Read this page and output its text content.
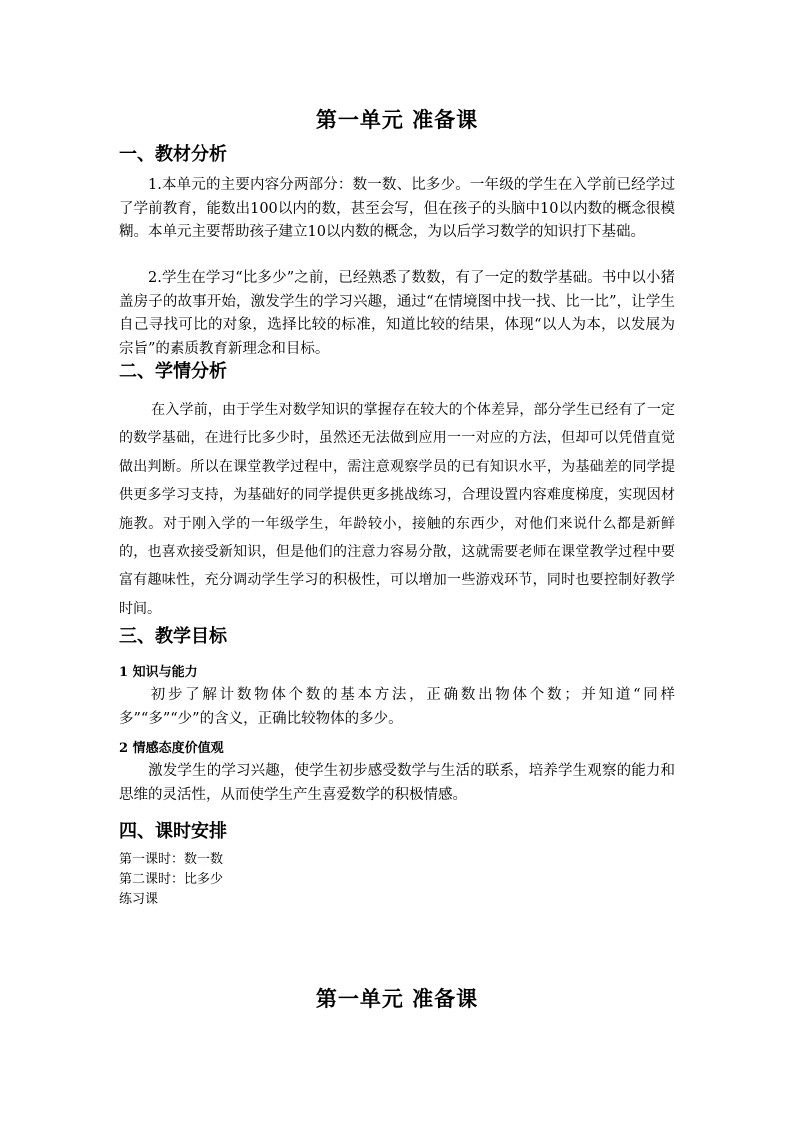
第一单元 准备课
一、教材分析
1.本单元的主要内容分两部分：数一数、比多少。一年级的学生在入学前已经学过了学前教育，能数出100以内的数，甚至会写，但在孩子的头脑中10以内数的概念很模糊。本单元主要帮助孩子建立10以内数的概念，为以后学习数学的知识打下基础。
2.学生在学习“比多少”之前，已经熟悉了数数，有了一定的数学基础。书中以小猪盖房子的故事开始，激发学生的学习兴趣，通过“在情境图中找一找、比一比”，让学生自己寻找可比的对象，选择比较的标准，知道比较的结果，体现“以人为本，以发展为宗旨”的素质教育新理念和目标。
二、学情分析
在入学前，由于学生对数学知识的掌握存在较大的个体差异，部分学生已经有了一定的数学基础，在进行比多少时，虽然还无法做到应用一一对应的方法，但却可以凭借直觉做出判断。所以在课堂教学过程中，需注意观察学员的已有知识水平，为基础差的同学提供更多学习支持，为基础好的同学提供更多挑战练习，合理设置内容难度梯度，实现因材施教。对于刚入学的一年级学生，年龄较小，接触的东西少，对他们来说什么都是新鲜的，也喜欢接受新知识，但是他们的注意力容易分散，这就需要老师在课堂教学过程中要富有趣味性，充分调动学生学习的积极性，可以增加一些游戏环节，同时也要控制好教学时间。
三、教学目标
1 知识与能力
初步了解计数物体个数的基本方法，正确数出物体个数；并知道“同样多”“多”“少”的含义，正确比较物体的多少。
2 情感态度价值观
激发学生的学习兴趣，使学生初步感受数学与生活的联系，培养学生观察的能力和思维的灵活性，从而使学生产生喜爱数学的积极情感。
四、课时安排
第一课时：数一数
第二课时：比多少
练习课
第一单元 准备课
